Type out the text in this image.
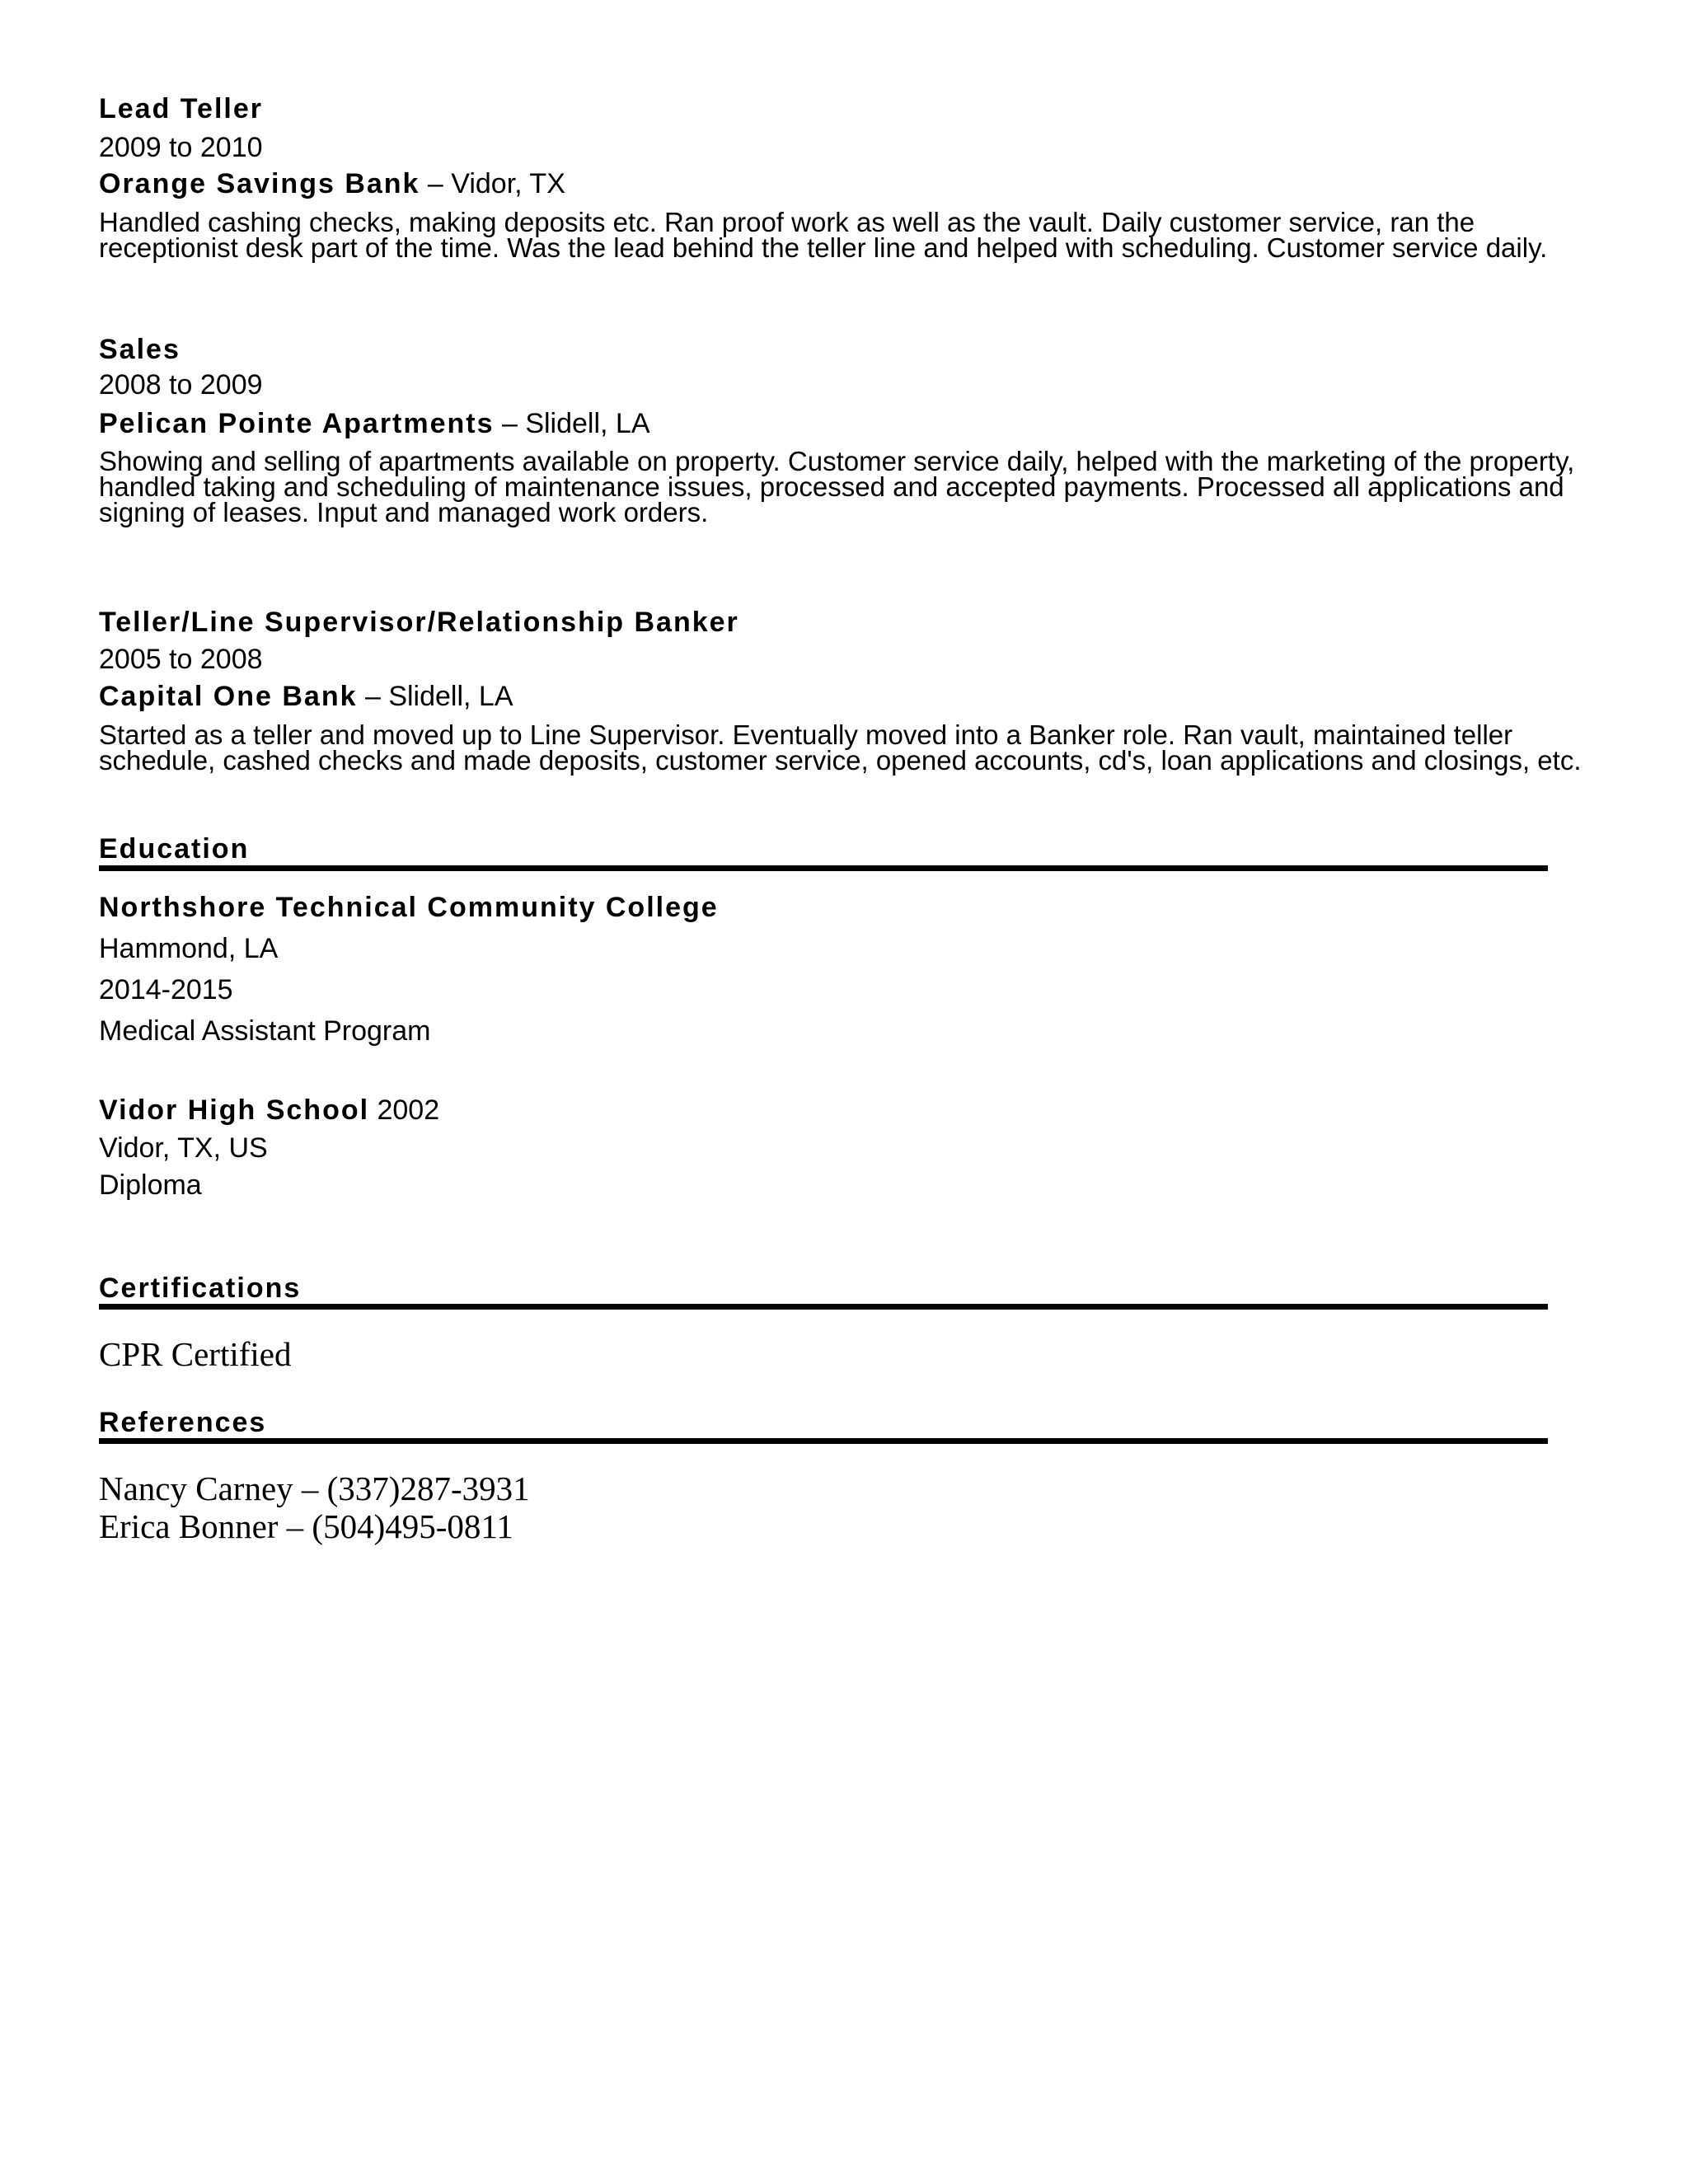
Lead Teller
2009 to 2010
Orange Savings Bank – Vidor, TX
Handled cashing checks, making deposits etc. Ran proof work as well as the vault. Daily customer service, ran the receptionist desk part of the time. Was the lead behind the teller line and helped with scheduling. Customer service daily.
Sales
2008 to 2009
Pelican Pointe Apartments – Slidell, LA
Showing and selling of apartments available on property. Customer service daily, helped with the marketing of the property, handled taking and scheduling of maintenance issues, processed and accepted payments. Processed all applications and signing of leases. Input and managed work orders.
Teller/Line Supervisor/Relationship Banker
2005 to 2008
Capital One Bank – Slidell, LA
Started as a teller and moved up to Line Supervisor. Eventually moved into a Banker role. Ran vault, maintained teller schedule, cashed checks and made deposits, customer service, opened accounts, cd's, loan applications and closings, etc.
Education
Northshore Technical Community College
Hammond, LA
2014-2015
Medical Assistant Program
Vidor High School 2002
Vidor, TX, US
Diploma
Certifications
CPR Certified
References
Nancy Carney – (337)287-3931
Erica Bonner – (504)495-0811
